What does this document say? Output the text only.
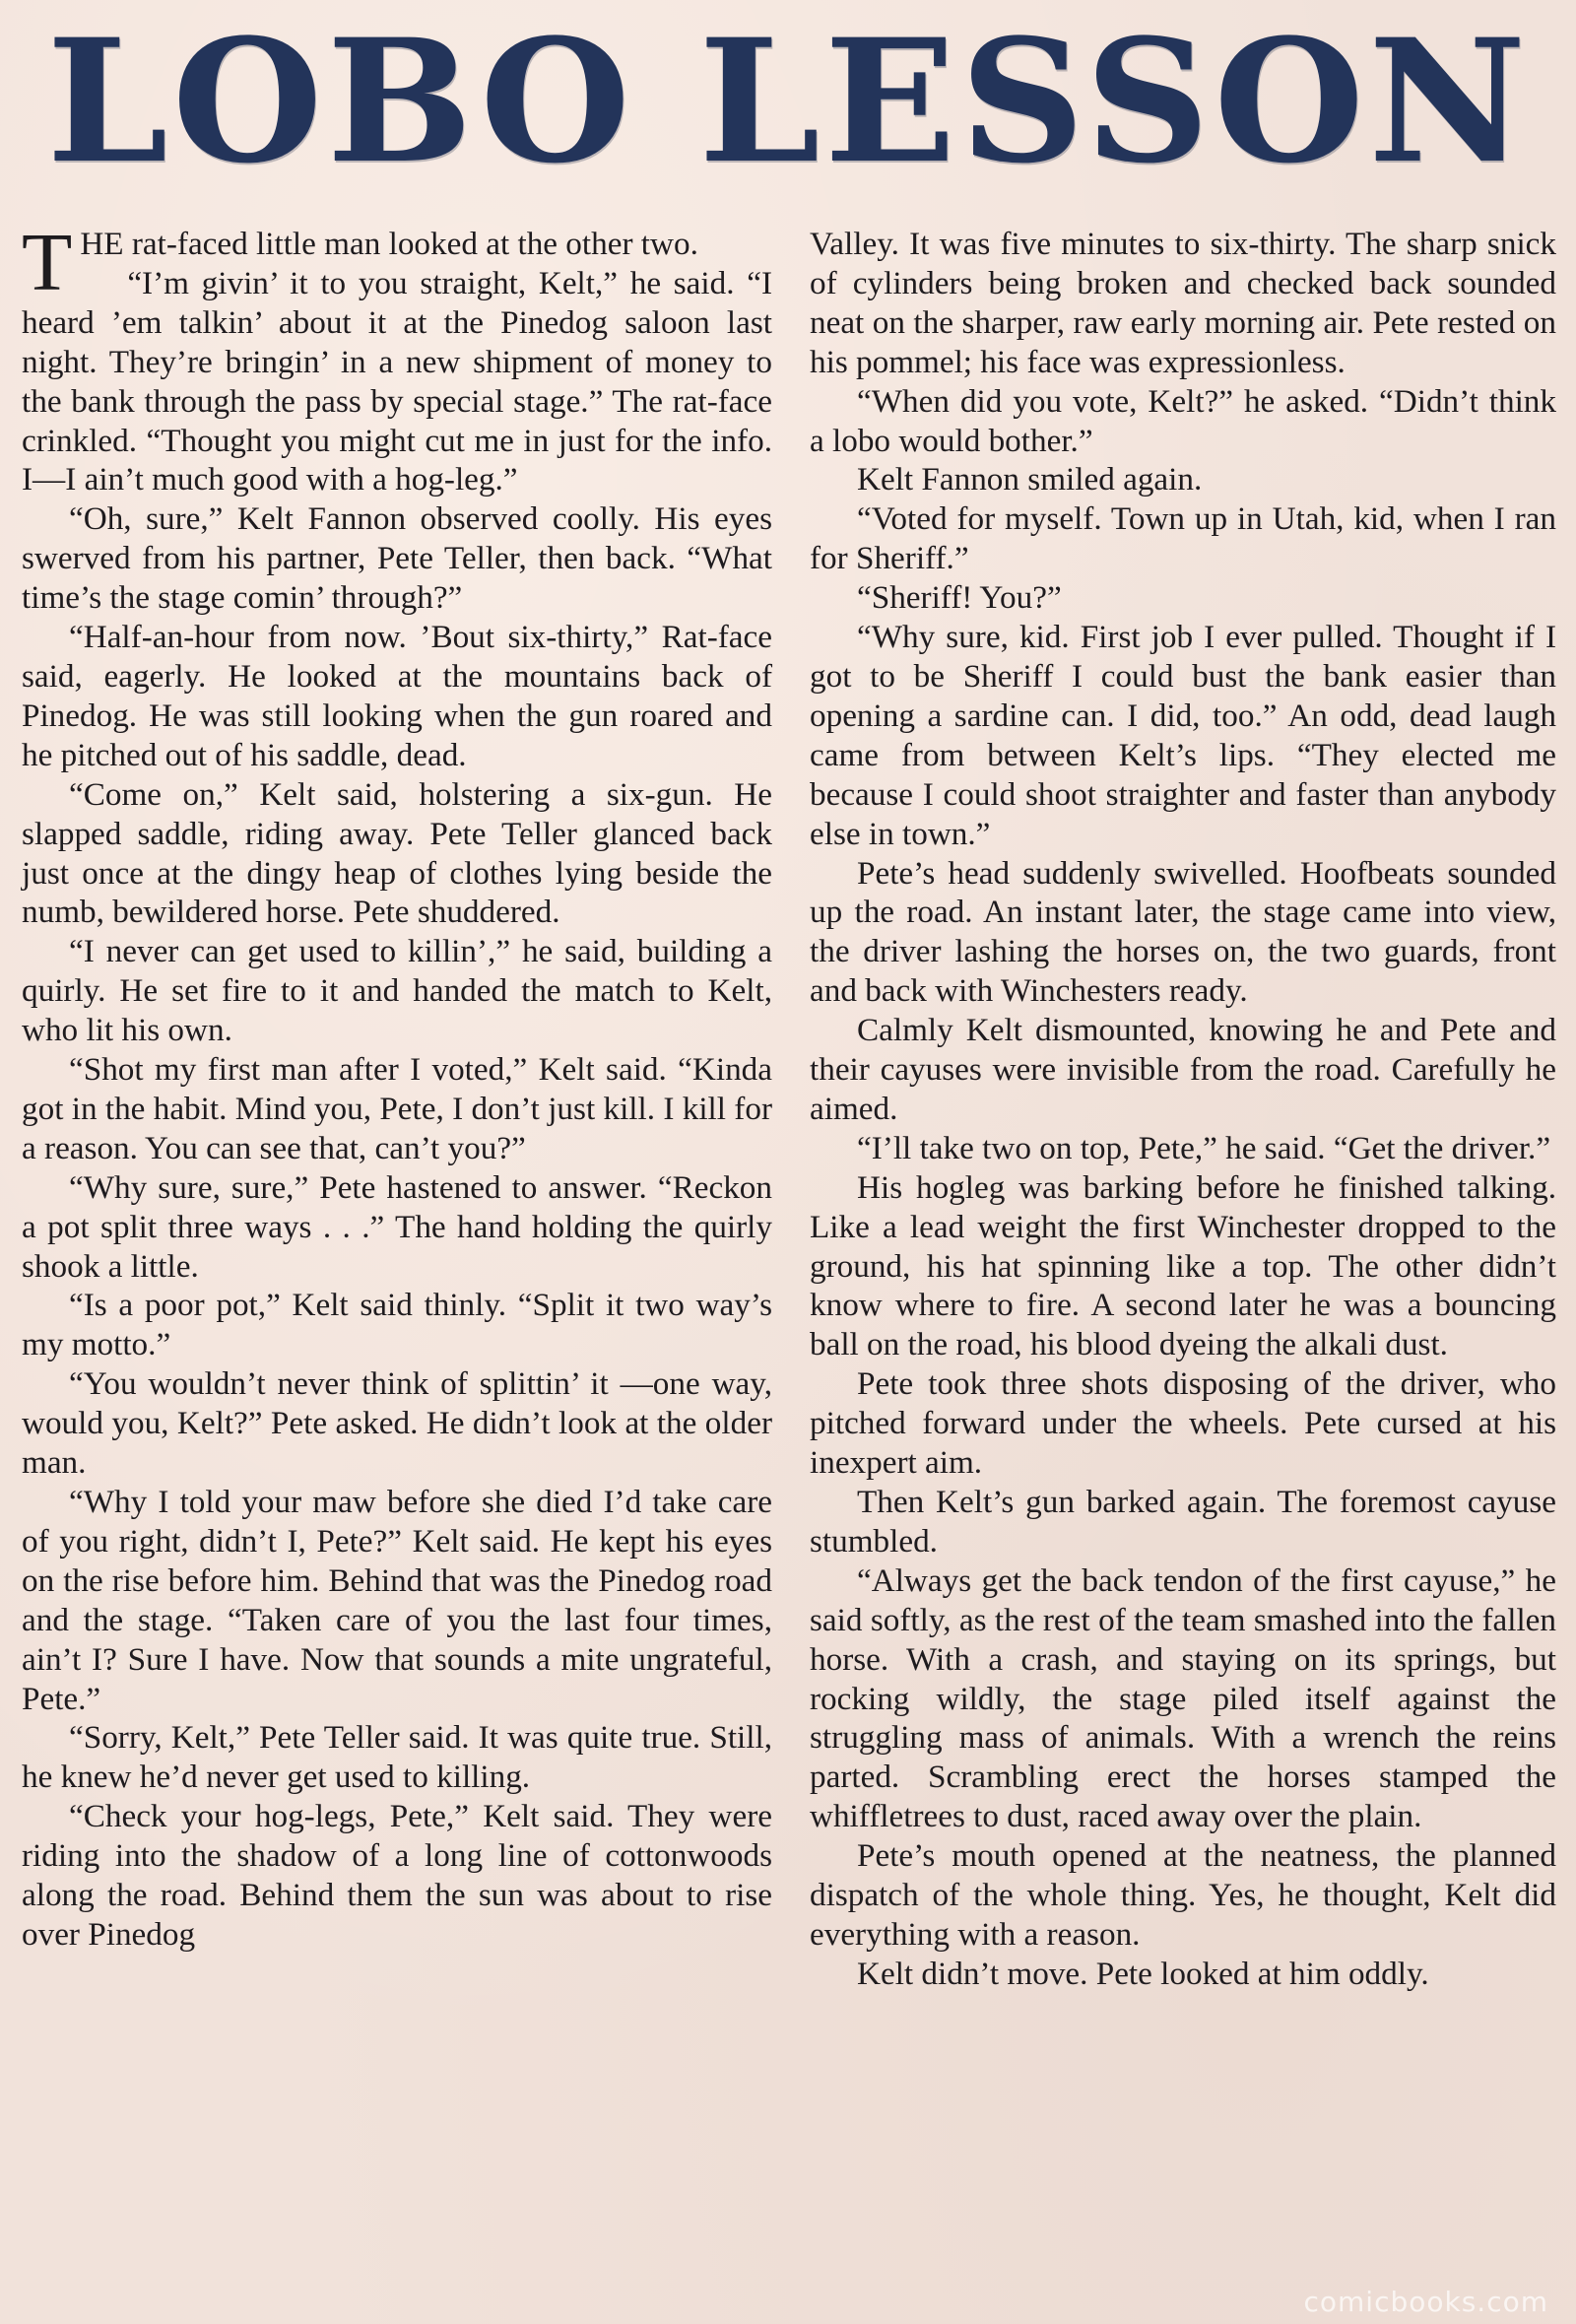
LOBO LESSON

THE rat-faced little man looked at the other two.

“I’m givin’ it to you straight, Kelt,” he said. “I heard ’em talkin’ about it at the Pinedog saloon last night. They’re bringin’ in a new shipment of money to the bank through the pass by special stage.” The rat-face crinkled. “Thought you might cut me in just for the info. I—I ain’t much good with a hog-leg.”

“Oh, sure,” Kelt Fannon observed coolly. His eyes swerved from his partner, Pete Teller, then back. “What time’s the stage comin’ through?”

“Half-an-hour from now. ’Bout six-thirty,” Rat-face said, eagerly. He looked at the mountains back of Pinedog. He was still looking when the gun roared and he pitched out of his saddle, dead.

“Come on,” Kelt said, holstering a six-gun. He slapped saddle, riding away. Pete Teller glanced back just once at the dingy heap of clothes lying beside the numb, bewildered horse. Pete shuddered.

“I never can get used to killin’,” he said, building a quirly. He set fire to it and handed the match to Kelt, who lit his own.

“Shot my first man after I voted,” Kelt said. “Kinda got in the habit. Mind you, Pete, I don’t just kill. I kill for a reason. You can see that, can’t you?”

“Why sure, sure,” Pete hastened to answer. “Reckon a pot split three ways . . .” The hand holding the quirly shook a little.

“Is a poor pot,” Kelt said thinly. “Split it two way’s my motto.”

“You wouldn’t never think of splittin’ it —one way, would you, Kelt?” Pete asked. He didn’t look at the older man.

“Why I told your maw before she died I’d take care of you right, didn’t I, Pete?” Kelt said. He kept his eyes on the rise before him. Behind that was the Pinedog road and the stage. “Taken care of you the last four times, ain’t I? Sure I have. Now that sounds a mite ungrateful, Pete.”

“Sorry, Kelt,” Pete Teller said. It was quite true. Still, he knew he’d never get used to killing.

“Check your hog-legs, Pete,” Kelt said. They were riding into the shadow of a long line of cottonwoods along the road. Behind them the sun was about to rise over Pinedog

Valley. It was five minutes to six-thirty. The sharp snick of cylinders being broken and checked back sounded neat on the sharper, raw early morning air. Pete rested on his pommel; his face was expressionless.

“When did you vote, Kelt?” he asked. “Didn’t think a lobo would bother.”

Kelt Fannon smiled again.

“Voted for myself. Town up in Utah, kid, when I ran for Sheriff.”

“Sheriff! You?”

“Why sure, kid. First job I ever pulled. Thought if I got to be Sheriff I could bust the bank easier than opening a sardine can. I did, too.” An odd, dead laugh came from between Kelt’s lips. “They elected me because I could shoot straighter and faster than anybody else in town.”

Pete’s head suddenly swivelled. Hoofbeats sounded up the road. An instant later, the stage came into view, the driver lashing the horses on, the two guards, front and back with Winchesters ready.

Calmly Kelt dismounted, knowing he and Pete and their cayuses were invisible from the road. Carefully he aimed.

“I’ll take two on top, Pete,” he said. “Get the driver.”

His hogleg was barking before he finished talking. Like a lead weight the first Winchester dropped to the ground, his hat spinning like a top. The other didn’t know where to fire. A second later he was a bouncing ball on the road, his blood dyeing the alkali dust.

Pete took three shots disposing of the driver, who pitched forward under the wheels. Pete cursed at his inexpert aim.

Then Kelt’s gun barked again. The foremost cayuse stumbled.

“Always get the back tendon of the first cayuse,” he said softly, as the rest of the team smashed into the fallen horse. With a crash, and staying on its springs, but rocking wildly, the stage piled itself against the struggling mass of animals. With a wrench the reins parted. Scrambling erect the horses stamped the whiffletrees to dust, raced away over the plain.

Pete’s mouth opened at the neatness, the planned dispatch of the whole thing. Yes, he thought, Kelt did everything with a reason.

Kelt didn’t move. Pete looked at him oddly.

comicbooks.com
